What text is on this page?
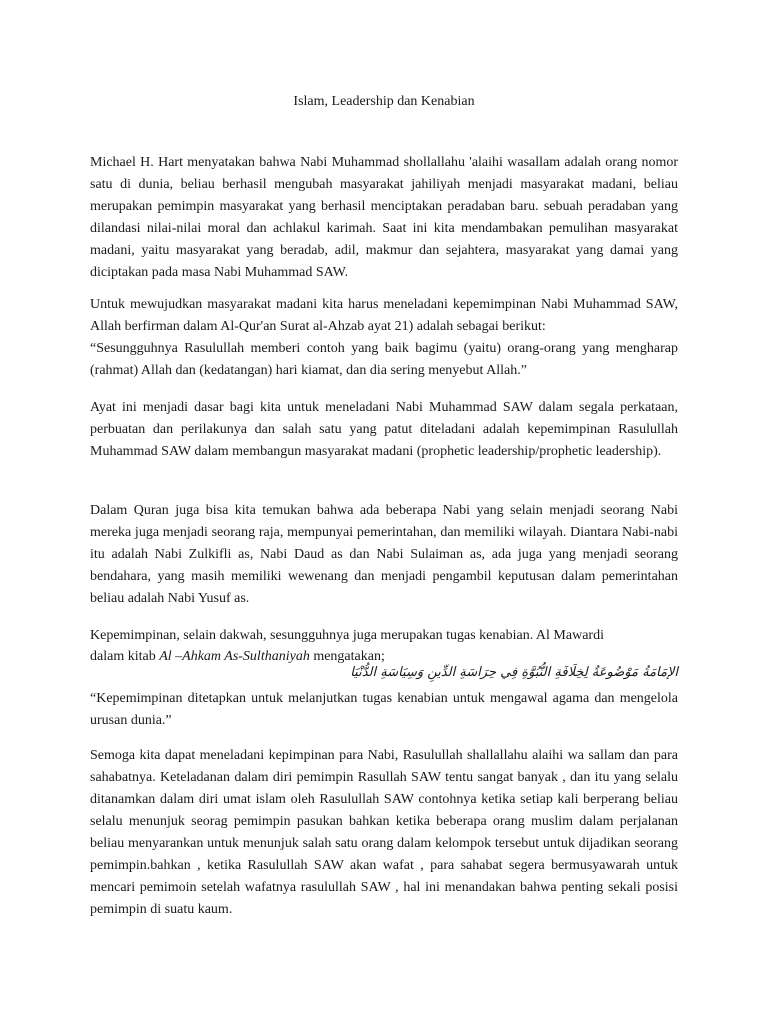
Islam, Leadership dan Kenabian
Michael H. Hart menyatakan bahwa Nabi Muhammad shollallahu 'alaihi wasallam adalah orang nomor satu di dunia, beliau berhasil mengubah masyarakat jahiliyah menjadi masyarakat madani, beliau merupakan pemimpin masyarakat yang berhasil menciptakan peradaban baru. sebuah peradaban yang dilandasi nilai-nilai moral dan achlakul karimah. Saat ini kita mendambakan pemulihan masyarakat madani, yaitu masyarakat yang beradab, adil, makmur dan sejahtera, masyarakat yang damai yang diciptakan pada masa Nabi Muhammad SAW.
Untuk mewujudkan masyarakat madani kita harus meneladani kepemimpinan Nabi Muhammad SAW, Allah berfirman dalam Al-Qur'an Surat al-Ahzab ayat 21) adalah sebagai berikut:
“Sesungguhnya Rasulullah memberi contoh yang baik bagimu (yaitu) orang-orang yang mengharap (rahmat) Allah dan (kedatangan) hari kiamat, dan dia sering menyebut Allah.”
Ayat ini menjadi dasar bagi kita untuk meneladani Nabi Muhammad SAW dalam segala perkataan, perbuatan dan perilakunya dan salah satu yang patut diteladani adalah kepemimpinan Rasulullah Muhammad SAW dalam membangun masyarakat madani (prophetic leadership/prophetic leadership).
Dalam Quran juga bisa kita temukan bahwa ada beberapa Nabi yang selain menjadi seorang Nabi mereka juga menjadi seorang raja, mempunyai pemerintahan, dan memiliki wilayah. Diantara Nabi-nabi itu adalah Nabi Zulkifli as, Nabi Daud as dan Nabi Sulaiman as, ada juga yang menjadi seorang bendahara, yang masih memiliki wewenang dan menjadi pengambil keputusan dalam pemerintahan beliau adalah Nabi Yusuf as.
Kepemimpinan, selain dakwah, sesungguhnya juga merupakan tugas kenabian. Al Mawardi
dalam kitab Al –Ahkam As-Sulthaniyah mengatakan;
الإمَامَةُ مَوْضُوعَةٌ لِخِلَافَةِ النُّبُوَّةِ فِي حِرَاسَةِ الدِّينِ وَسِيَاسَةِ الدُّنْيَا
“Kepemimpinan ditetapkan untuk melanjutkan tugas kenabian untuk mengawal agama dan mengelola urusan dunia.”
Semoga kita dapat meneladani kepimpinan para Nabi, Rasulullah shallallahu alaihi wa sallam dan para sahabatnya. Keteladanan dalam diri pemimpin Rasullah SAW tentu sangat banyak , dan itu yang selalu ditanamkan dalam diri umat islam oleh Rasulullah SAW contohnya ketika setiap kali berperang beliau selalu menunjuk seorag pemimpin pasukan bahkan ketika beberapa orang muslim dalam perjalanan beliau menyarankan untuk menunjuk salah satu orang dalam kelompok tersebut untuk dijadikan seorang pemimpin.bahkan , ketika Rasulullah SAW akan wafat , para sahabat segera bermusyawarah untuk mencari pemimoin setelah wafatnya rasulullah SAW , hal ini menandakan bahwa penting sekali posisi pemimpin di suatu kaum.
